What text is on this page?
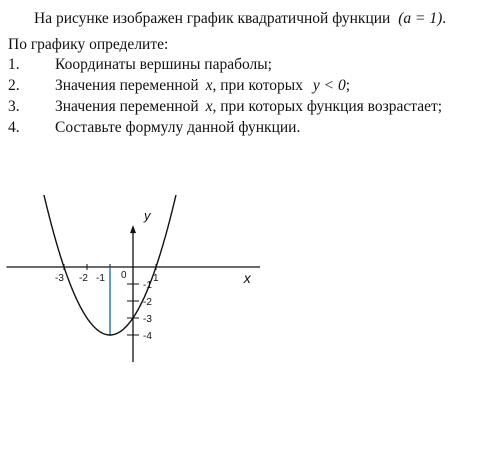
На рисунке изображен график квадратичной функции (a = 1).
По графику определите:
1. Координаты вершины параболы;
2. Значения переменной x, при которых y < 0;
3. Значения переменной x, при которых функция возрастает;
4. Составьте формулу данной функции.
y
x
0
-3 -2 -1	1
-1
-2
-3
-4
